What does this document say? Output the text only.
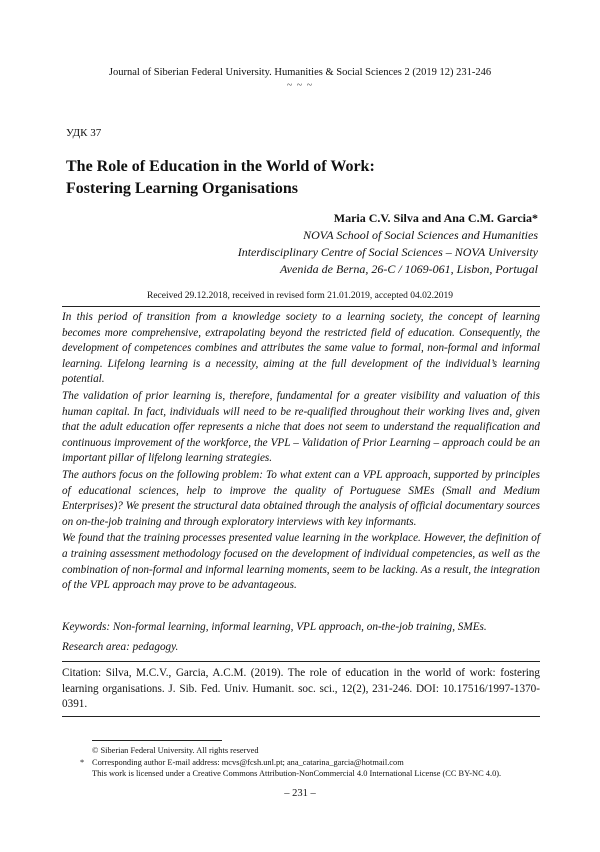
Journal of Siberian Federal University. Humanities & Social Sciences 2 (2019 12) 231-246
~ ~ ~
УДК 37
The Role of Education in the World of Work:
Fostering Learning Organisations
Maria C.V. Silva and Ana C.M. Garcia*
NOVA School of Social Sciences and Humanities
Interdisciplinary Centre of Social Sciences – NOVA University
Avenida de Berna, 26-C / 1069-061, Lisbon, Portugal
Received 29.12.2018, received in revised form 21.01.2019, accepted 04.02.2019

In this period of transition from a knowledge society to a learning society, the concept of learning becomes more comprehensive, extrapolating beyond the restricted field of education. Consequently, the development of competences combines and attributes the same value to formal, non-formal and informal learning. Lifelong learning is a necessity, aiming at the full development of the individual’s learning potential.

The validation of prior learning is, therefore, fundamental for a greater visibility and valuation of this human capital. In fact, individuals will need to be re-qualified throughout their working lives and, given that the adult education offer represents a niche that does not seem to understand the requalification and continuous improvement of the workforce, the VPL – Validation of Prior Learning – approach could be an important pillar of lifelong learning strategies.

The authors focus on the following problem: To what extent can a VPL approach, supported by principles of educational sciences, help to improve the quality of Portuguese SMEs (Small and Medium Enterprises)? We present the structural data obtained through the analysis of official documentary sources on on-the-job training and through exploratory interviews with key informants.

We found that the training processes presented value learning in the workplace. However, the definition of a training assessment methodology focused on the development of individual competencies, as well as the combination of non-formal and informal learning moments, seem to be lacking. As a result, the integration of the VPL approach may prove to be advantageous.

Keywords: Non-formal learning, informal learning, VPL approach, on-the-job training, SMEs.
Research area: pedagogy.
Citation: Silva, M.C.V., Garcia, A.C.M. (2019). The role of education in the world of work: fostering learning organisations. J. Sib. Fed. Univ. Humanit. soc. sci., 12(2), 231-246. DOI: 10.17516/1997-1370-0391.
© Siberian Federal University. All rights reserved
* Corresponding author E-mail address: mcvs@fcsh.unl.pt; ana_catarina_garcia@hotmail.com
This work is licensed under a Creative Commons Attribution-NonCommercial 4.0 International License (CC BY-NC 4.0).
– 231 –
